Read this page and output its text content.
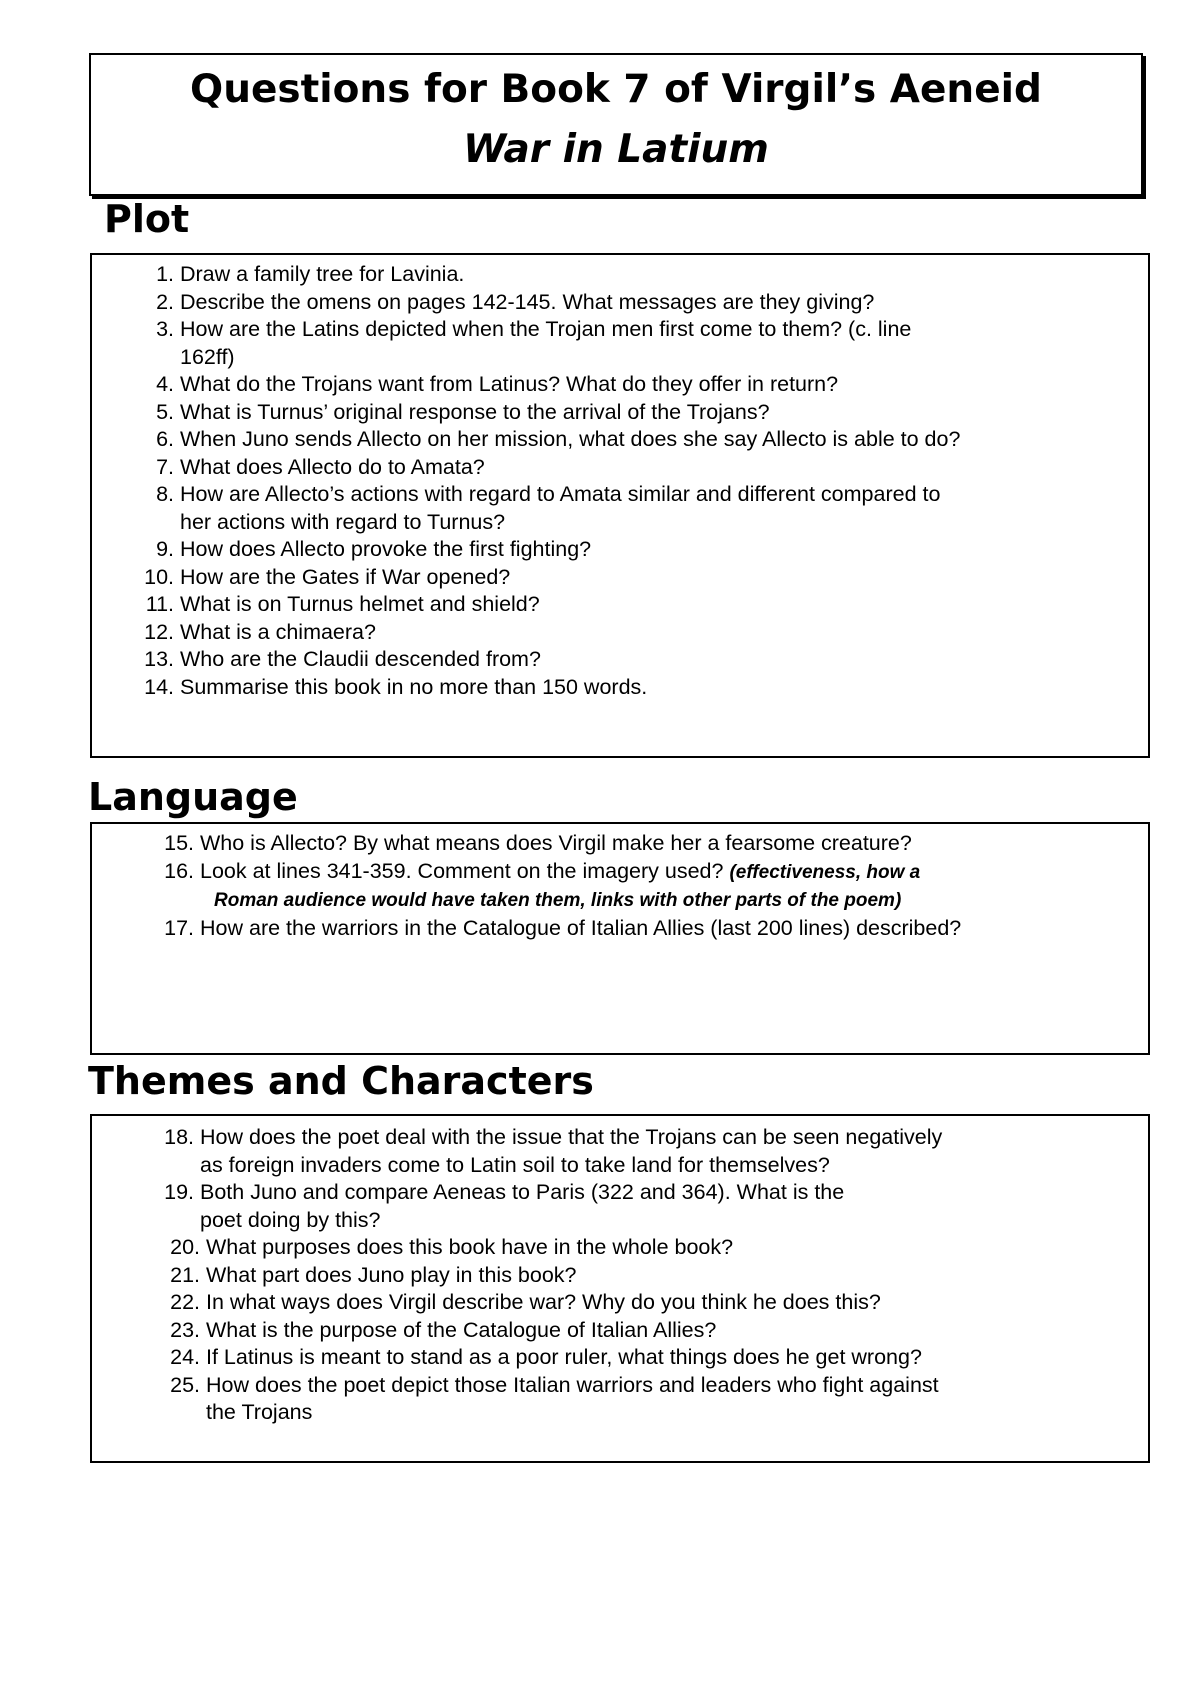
Questions for Book 7 of Virgil’s Aeneid
War in Latium
Plot
1. Draw a family tree for Lavinia.
2. Describe the omens on pages 142-145. What messages are they giving?
3. How are the Latins depicted when the Trojan men first come to them? (c. line
162ff)
4. What do the Trojans want from Latinus? What do they offer in return?
5. What is Turnus’ original response to the arrival of the Trojans?
6. When Juno sends Allecto on her mission, what does she say Allecto is able to do?
7. What does Allecto do to Amata?
8. How are Allecto’s actions with regard to Amata similar and different compared to
her actions with regard to Turnus?
9. How does Allecto provoke the first fighting?
10. How are the Gates if War opened?
11. What is on Turnus helmet and shield?
12. What is a chimaera?
13. Who are the Claudii descended from?
14. Summarise this book in no more than 150 words.
Language
15. Who is Allecto? By what means does Virgil make her a fearsome creature?
16. Look at lines 341-359. Comment on the imagery used? (effectiveness, how a
Roman audience would have taken them, links with other parts of the poem)
17. How are the warriors in the Catalogue of Italian Allies (last 200 lines) described?
Themes and Characters
18. How does the poet deal with the issue that the Trojans can be seen negatively
as foreign invaders come to Latin soil to take land for themselves?
19. Both Juno and compare Aeneas to Paris (322 and 364). What is the
poet doing by this?
20. What purposes does this book have in the whole book?
21. What part does Juno play in this book?
22. In what ways does Virgil describe war? Why do you think he does this?
23. What is the purpose of the Catalogue of Italian Allies?
24. If Latinus is meant to stand as a poor ruler, what things does he get wrong?
25. How does the poet depict those Italian warriors and leaders who fight against
the Trojans
